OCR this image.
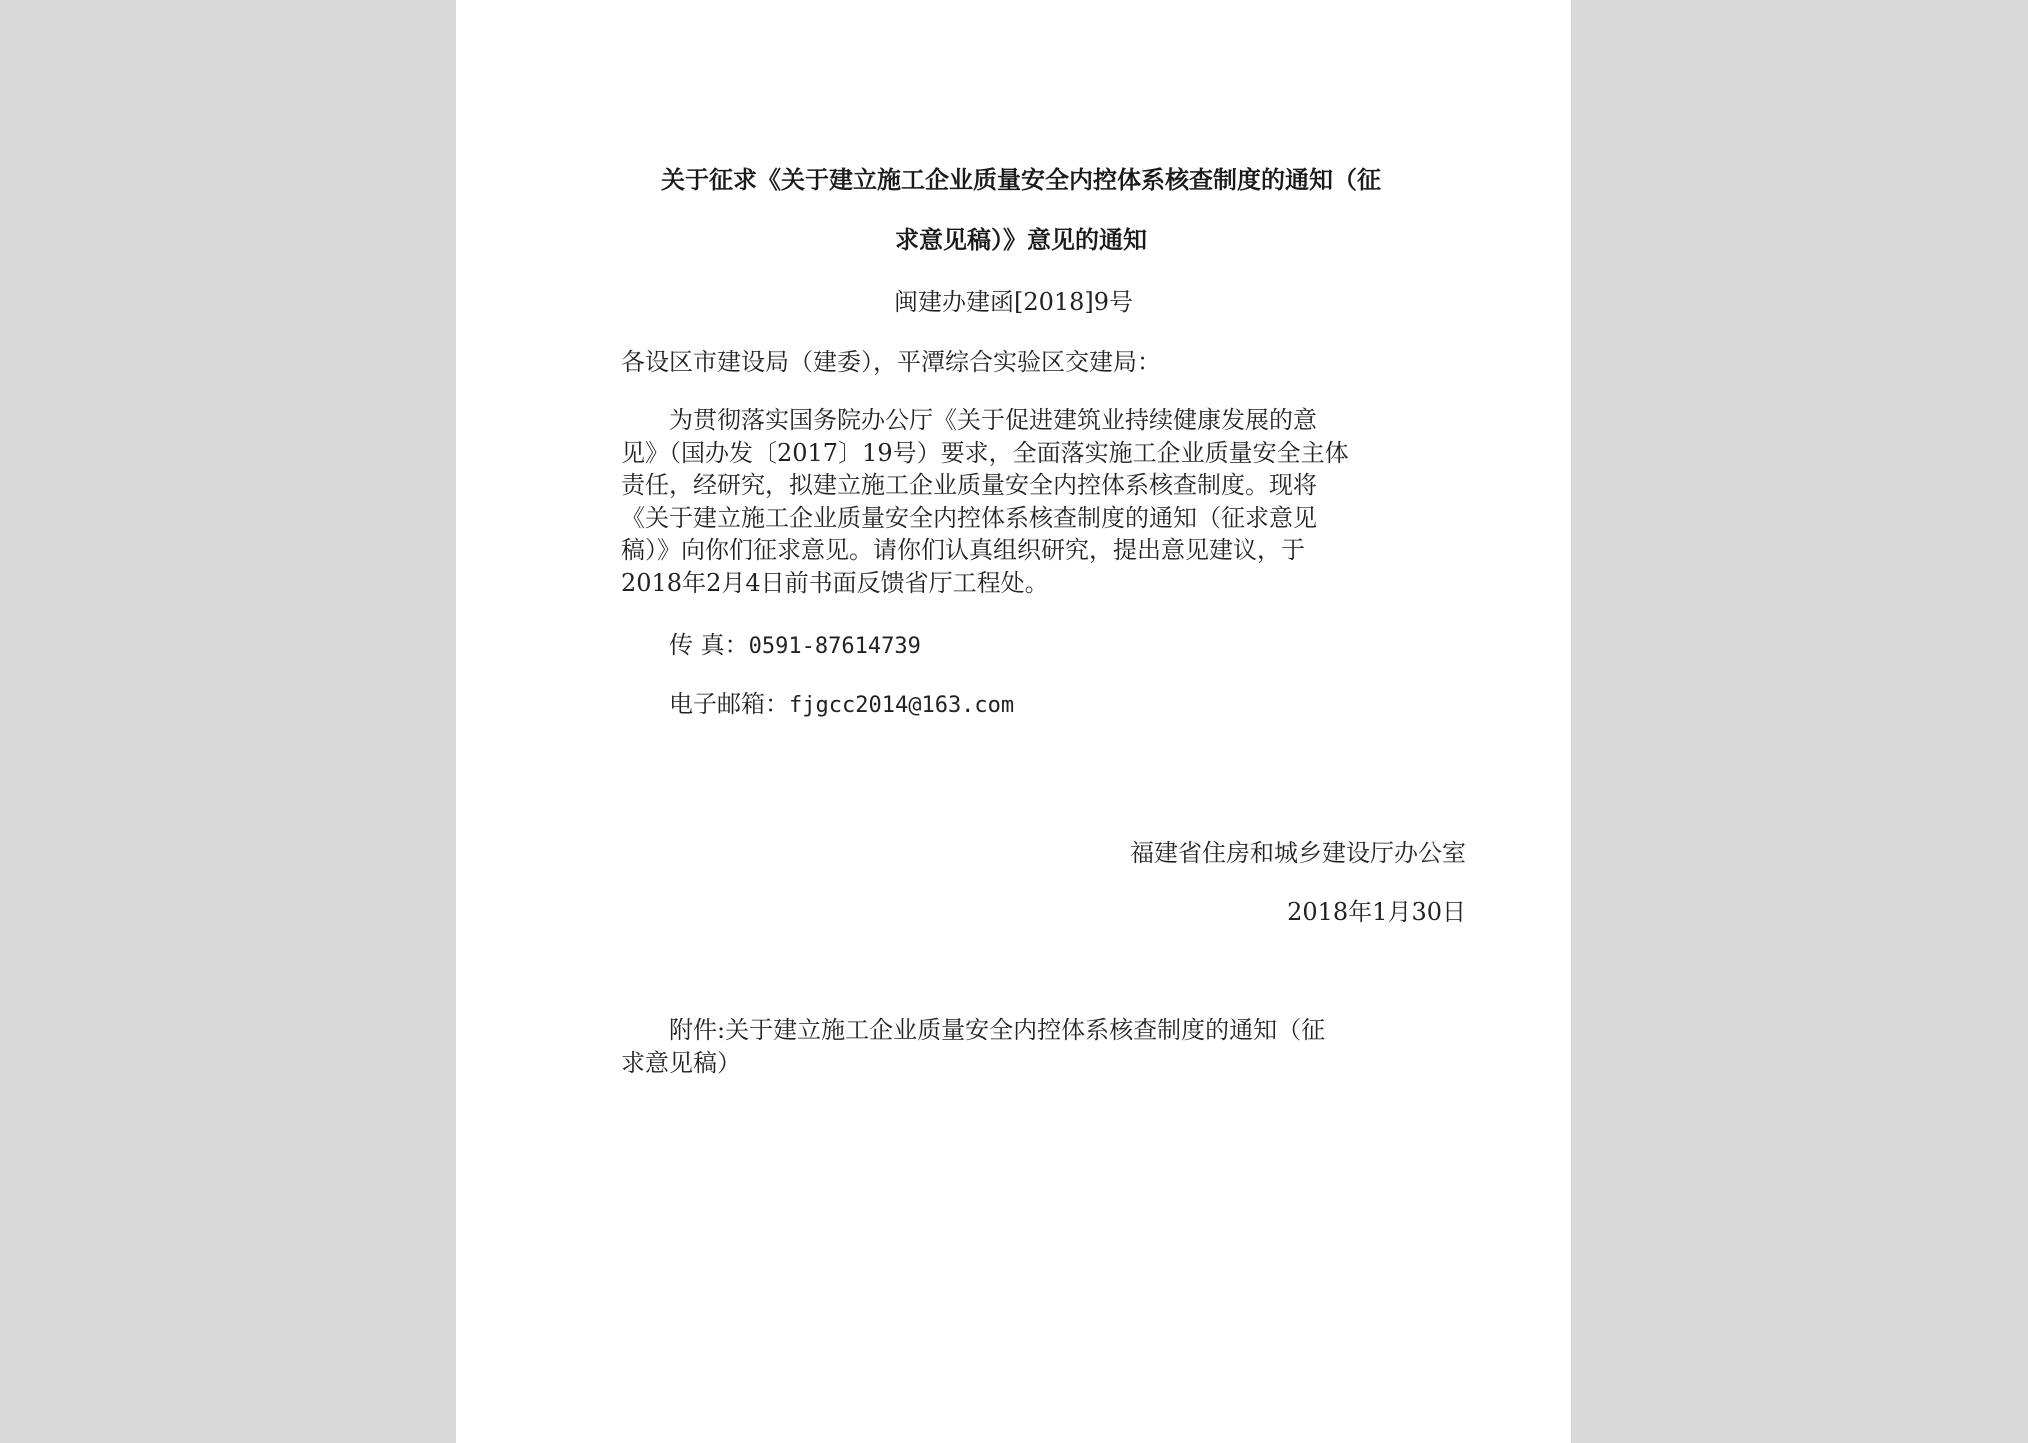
关于征求《关于建立施工企业质量安全内控体系核查制度的通知（征
求意见稿）》意见的通知
闽建办建函[2018]9号
各设区市建设局（建委），平潭综合实验区交建局：
为贯彻落实国务院办公厅《关于促进建筑业持续健康发展的意
见》（国办发〔2017〕19号）要求，全面落实施工企业质量安全主体
责任，经研究，拟建立施工企业质量安全内控体系核查制度。现将
《关于建立施工企业质量安全内控体系核查制度的通知（征求意见
稿）》向你们征求意见。请你们认真组织研究，提出意见建议，于
2018年2月4日前书面反馈省厅工程处。
传 真：0591-87614739
电子邮箱：fjgcc2014@163.com
福建省住房和城乡建设厅办公室
2018年1月30日
附件:关于建立施工企业质量安全内控体系核查制度的通知（征
求意见稿）
